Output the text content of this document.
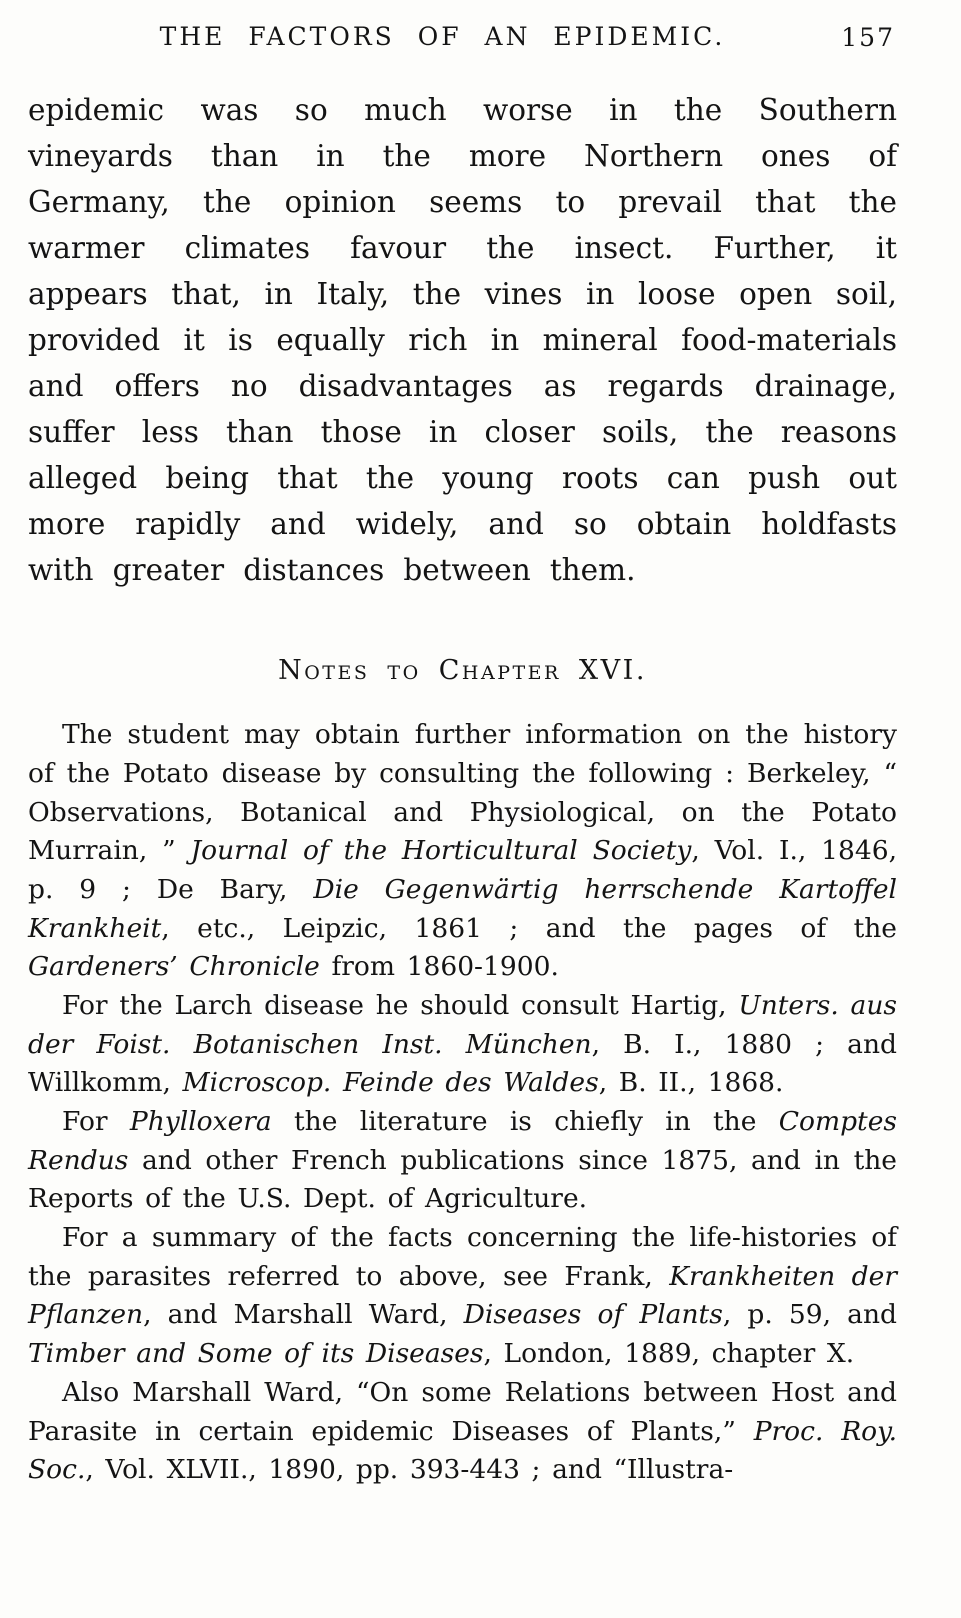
THE FACTORS OF AN EPIDEMIC.	157

epidemic was so much worse in the Southern vineyards than in the more Northern ones of Germany, the opinion seems to prevail that the warmer climates favour the insect. Further, it appears that, in Italy, the vines in loose open soil, provided it is equally rich in mineral food-materials and offers no disadvantages as regards drainage, suffer less than those in closer soils, the reasons alleged being that the young roots can push out more rapidly and widely, and so obtain holdfasts with greater distances between them.

Notes to Chapter XVI.

The student may obtain further information on the history of the Potato disease by consulting the following : Berkeley, “ Observations, Botanical and Physiological, on the Potato Murrain, ” Journal of the Horticultural Society, Vol. I., 1846, p. 9 ; De Bary, Die Gegenwärtig herrschende Kartoffel Krankheit, etc., Leipzic, 1861 ; and the pages of the Gardeners’ Chronicle from 1860-1900.

For the Larch disease he should consult Hartig, Unters. aus der Foist. Botanischen Inst. München, B. I., 1880 ; and Willkomm, Microscop. Feinde des Waldes, B. II., 1868.

For Phylloxera the literature is chiefly in the Comptes Rendus and other French publications since 1875, and in the Reports of the U.S. Dept. of Agriculture.

For a summary of the facts concerning the life-histories of the parasites referred to above, see Frank, Krankheiten der Pflanzen, and Marshall Ward, Diseases of Plants, p. 59, and Timber and Some of its Diseases, London, 1889, chapter X.

Also Marshall Ward, “On some Relations between Host and Parasite in certain epidemic Diseases of Plants,” Proc. Roy. Soc., Vol. XLVII., 1890, pp. 393-443 ; and “Illustra-
